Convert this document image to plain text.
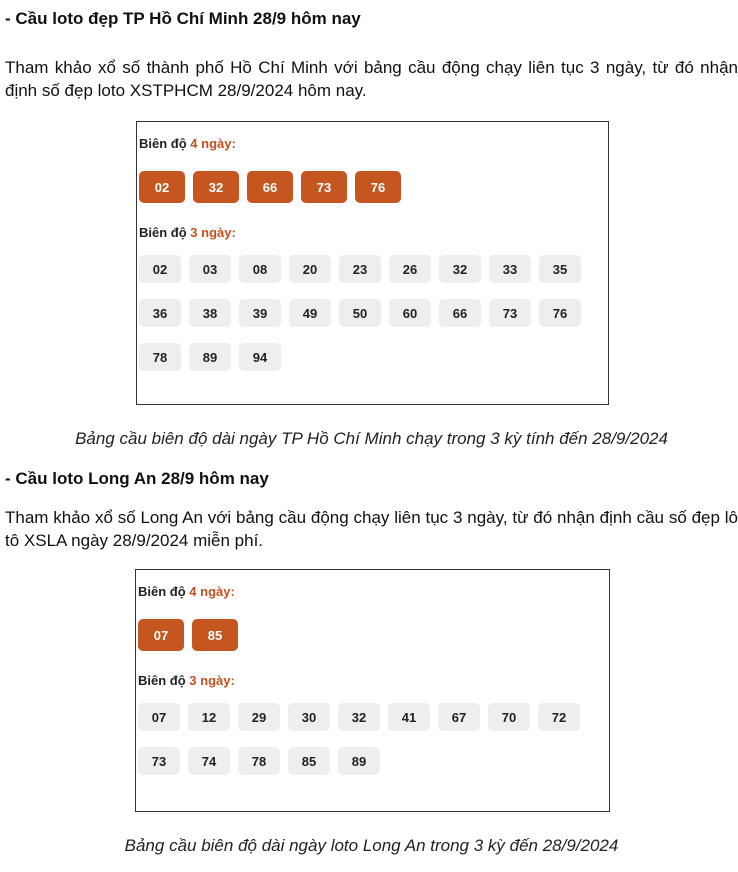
- Cầu loto đẹp TP Hồ Chí Minh 28/9 hôm nay

Tham khảo xổ số thành phố Hồ Chí Minh với bảng cầu động chạy liên tục 3 ngày, từ đó nhận định số đẹp loto XSTPHCM 28/9/2024 hôm nay.

Biên độ 4 ngày:
02	32	66	73	76
Biên độ 3 ngày:
02	03	08	20	23	26	32	33	35
36	38	39	49	50	60	66	73	76
78	89	94

Bảng cầu biên độ dài ngày TP Hồ Chí Minh chạy trong 3 kỳ tính đến 28/9/2024

- Cầu loto Long An 28/9 hôm nay

Tham khảo xổ số Long An với bảng cầu động chạy liên tục 3 ngày, từ đó nhận định cầu số đẹp lô tô XSLA ngày 28/9/2024 miễn phí.

Biên độ 4 ngày:
07	85
Biên độ 3 ngày:
07	12	29	30	32	41	67	70	72
73	74	78	85	89

Bảng cầu biên độ dài ngày loto Long An trong 3 kỳ đến 28/9/2024
